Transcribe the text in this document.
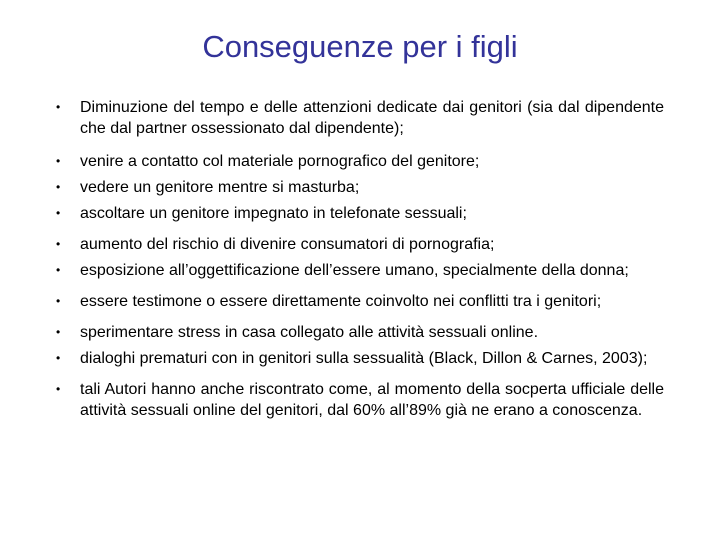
Conseguenze per i figli
•	Diminuzione del tempo e delle attenzioni dedicate dai genitori (sia dal dipendente che dal partner ossessionato dal dipendente);
•	venire a contatto col materiale pornografico del genitore;
•	vedere un genitore mentre si masturba;
•	ascoltare un genitore impegnato in telefonate sessuali;
•	aumento del rischio di divenire consumatori di pornografia;
•	esposizione all’oggettificazione dell’essere umano, specialmente della donna;
•	essere testimone o essere direttamente coinvolto nei conflitti tra i genitori;
•	sperimentare stress in casa collegato alle attività sessuali online.
•	dialoghi prematuri con in genitori sulla sessualità (Black, Dillon & Carnes, 2003);
•	tali Autori hanno anche riscontrato come, al momento della socperta ufficiale delle attività sessuali online del genitori, dal 60% all’89% già ne erano a conoscenza.
